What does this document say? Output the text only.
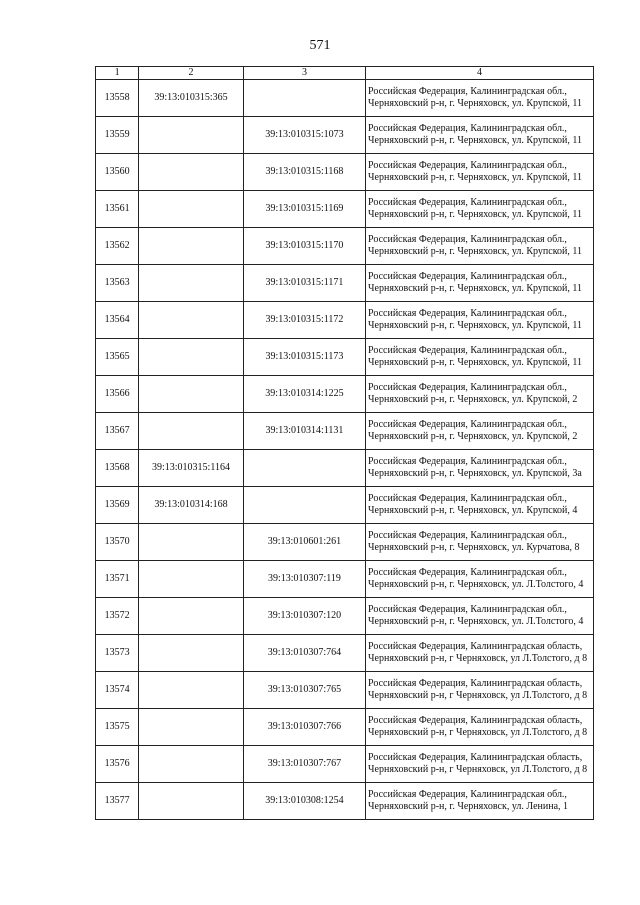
571
1	2	3	4
13558	39:13:010315:365		Российская Федерация, Калининградская обл., Черняховский р-н, г. Черняховск, ул. Крупской, 11
13559		39:13:010315:1073	Российская Федерация, Калининградская обл., Черняховский р-н, г. Черняховск, ул. Крупской, 11
13560		39:13:010315:1168	Российская Федерация, Калининградская обл., Черняховский р-н, г. Черняховск, ул. Крупской, 11
13561		39:13:010315:1169	Российская Федерация, Калининградская обл., Черняховский р-н, г. Черняховск, ул. Крупской, 11
13562		39:13:010315:1170	Российская Федерация, Калининградская обл., Черняховский р-н, г. Черняховск, ул. Крупской, 11
13563		39:13:010315:1171	Российская Федерация, Калининградская обл., Черняховский р-н, г. Черняховск, ул. Крупской, 11
13564		39:13:010315:1172	Российская Федерация, Калининградская обл., Черняховский р-н, г. Черняховск, ул. Крупской, 11
13565		39:13:010315:1173	Российская Федерация, Калининградская обл., Черняховский р-н, г. Черняховск, ул. Крупской, 11
13566		39:13:010314:1225	Российская Федерация, Калининградская обл., Черняховский р-н, г. Черняховск, ул. Крупской, 2
13567		39:13:010314:1131	Российская Федерация, Калининградская обл., Черняховский р-н, г. Черняховск, ул. Крупской, 2
13568	39:13:010315:1164		Российская Федерация, Калининградская обл., Черняховский р-н, г. Черняховск, ул. Крупской, 3а
13569	39:13:010314:168		Российская Федерация, Калининградская обл., Черняховский р-н, г. Черняховск, ул. Крупской, 4
13570		39:13:010601:261	Российская Федерация, Калининградская обл., Черняховский р-н, г. Черняховск, ул. Курчатова, 8
13571		39:13:010307:119	Российская Федерация, Калининградская обл., Черняховский р-н, г. Черняховск, ул. Л.Толстого, 4
13572		39:13:010307:120	Российская Федерация, Калининградская обл., Черняховский р-н, г. Черняховск, ул. Л.Толстого, 4
13573		39:13:010307:764	Российская Федерация, Калининградская область, Черняховский р-н, г Черняховск, ул Л.Толстого, д 8
13574		39:13:010307:765	Российская Федерация, Калининградская область, Черняховский р-н, г Черняховск, ул Л.Толстого, д 8
13575		39:13:010307:766	Российская Федерация, Калининградская область, Черняховский р-н, г Черняховск, ул Л.Толстого, д 8
13576		39:13:010307:767	Российская Федерация, Калининградская область, Черняховский р-н, г Черняховск, ул Л.Толстого, д 8
13577		39:13:010308:1254	Российская Федерация, Калининградская обл., Черняховский р-н, г. Черняховск, ул. Ленина, 1
